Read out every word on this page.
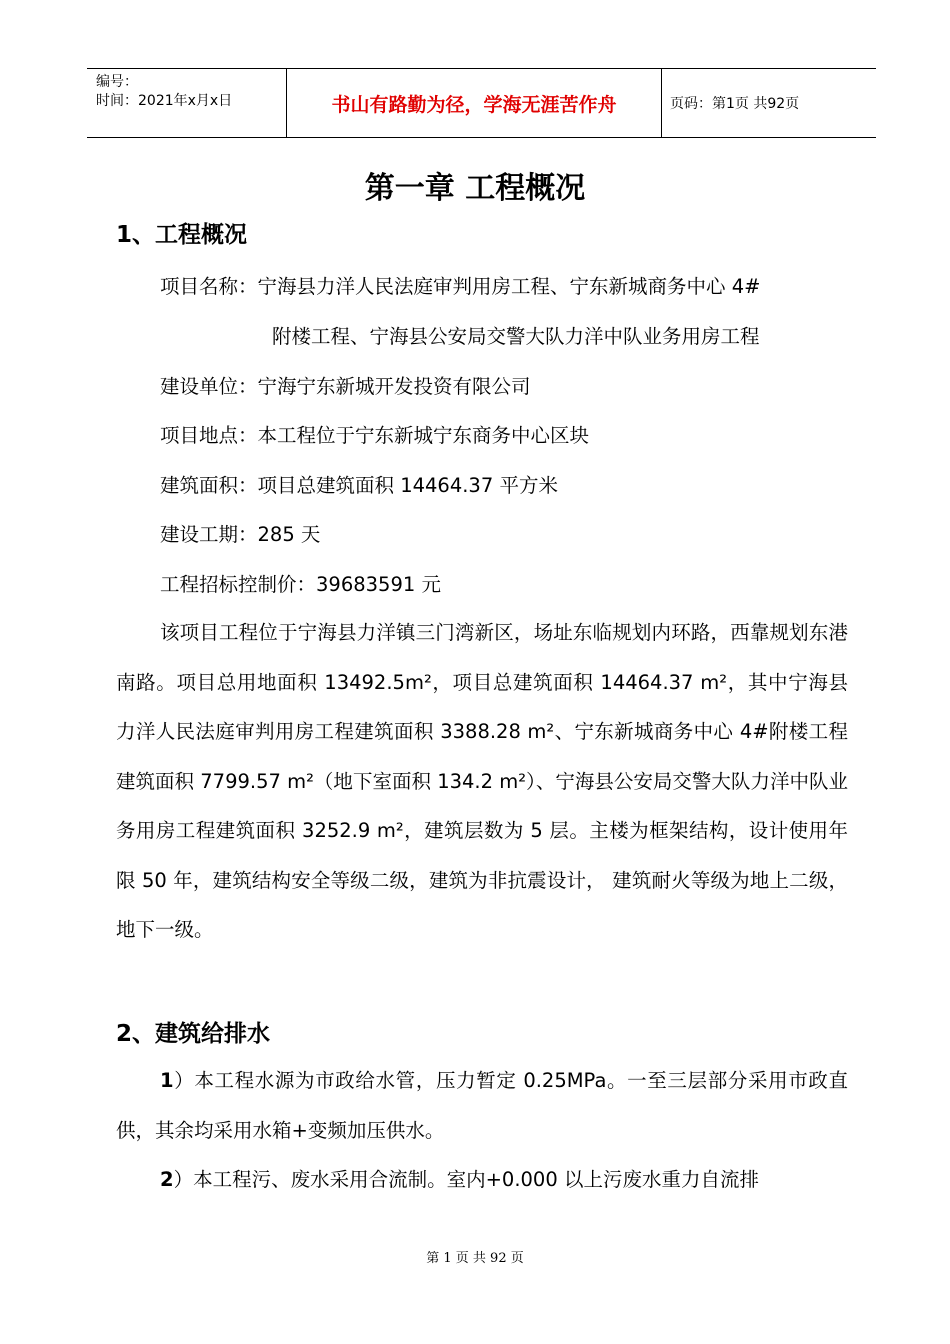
编号：
时间：2021年x月x日	书山有路勤为径，学海无涯苦作舟	页码：第1页 共92页
第一章 工程概况
1、工程概况
项目名称：宁海县力洋人民法庭审判用房工程、宁东新城商务中心 4#
附楼工程、宁海县公安局交警大队力洋中队业务用房工程
建设单位：宁海宁东新城开发投资有限公司
项目地点：本工程位于宁东新城宁东商务中心区块
建筑面积：项目总建筑面积 14464.37 平方米
建设工期：285 天
工程招标控制价：39683591 元
该项目工程位于宁海县力洋镇三门湾新区，场址东临规划内环路，西靠规划东港南路。项目总用地面积 13492.5m²，项目总建筑面积 14464.37 m²，其中宁海县力洋人民法庭审判用房工程建筑面积 3388.28 m²、宁东新城商务中心 4#附楼工程建筑面积 7799.57 m²（地下室面积 134.2 m²）、宁海县公安局交警大队力洋中队业务用房工程建筑面积 3252.9 m²，建筑层数为 5 层。主楼为框架结构，设计使用年限 50 年，建筑结构安全等级二级，建筑为非抗震设计， 建筑耐火等级为地上二级，地下一级。
2、建筑给排水
1）本工程水源为市政给水管，压力暂定 0.25MPa。一至三层部分采用市政直供，其余均采用水箱+变频加压供水。
2）本工程污、废水采用合流制。室内+0.000 以上污废水重力自流排
第 1 页 共 92 页
